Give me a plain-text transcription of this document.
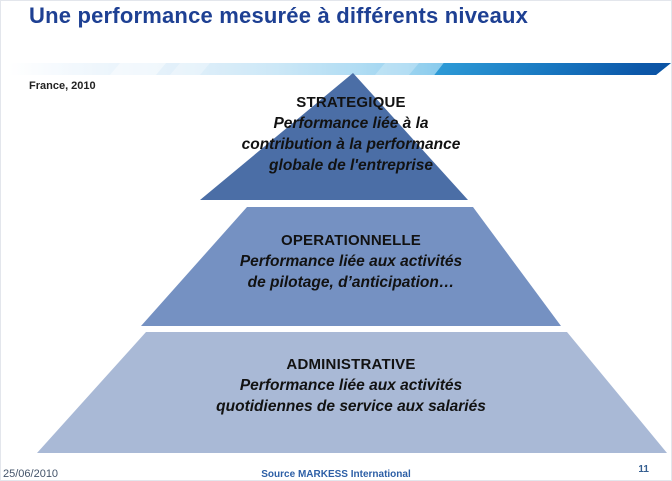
Une performance mesurée à différents niveaux
France, 2010
STRATEGIQUE
Performance liée à la
contribution à la performance
globale de l'entreprise
OPERATIONNELLE
Performance liée aux activités
de pilotage, d’anticipation…
ADMINISTRATIVE
Performance liée aux activités
quotidiennes de service aux salariés
25/06/2010	Source MARKESS International	11
